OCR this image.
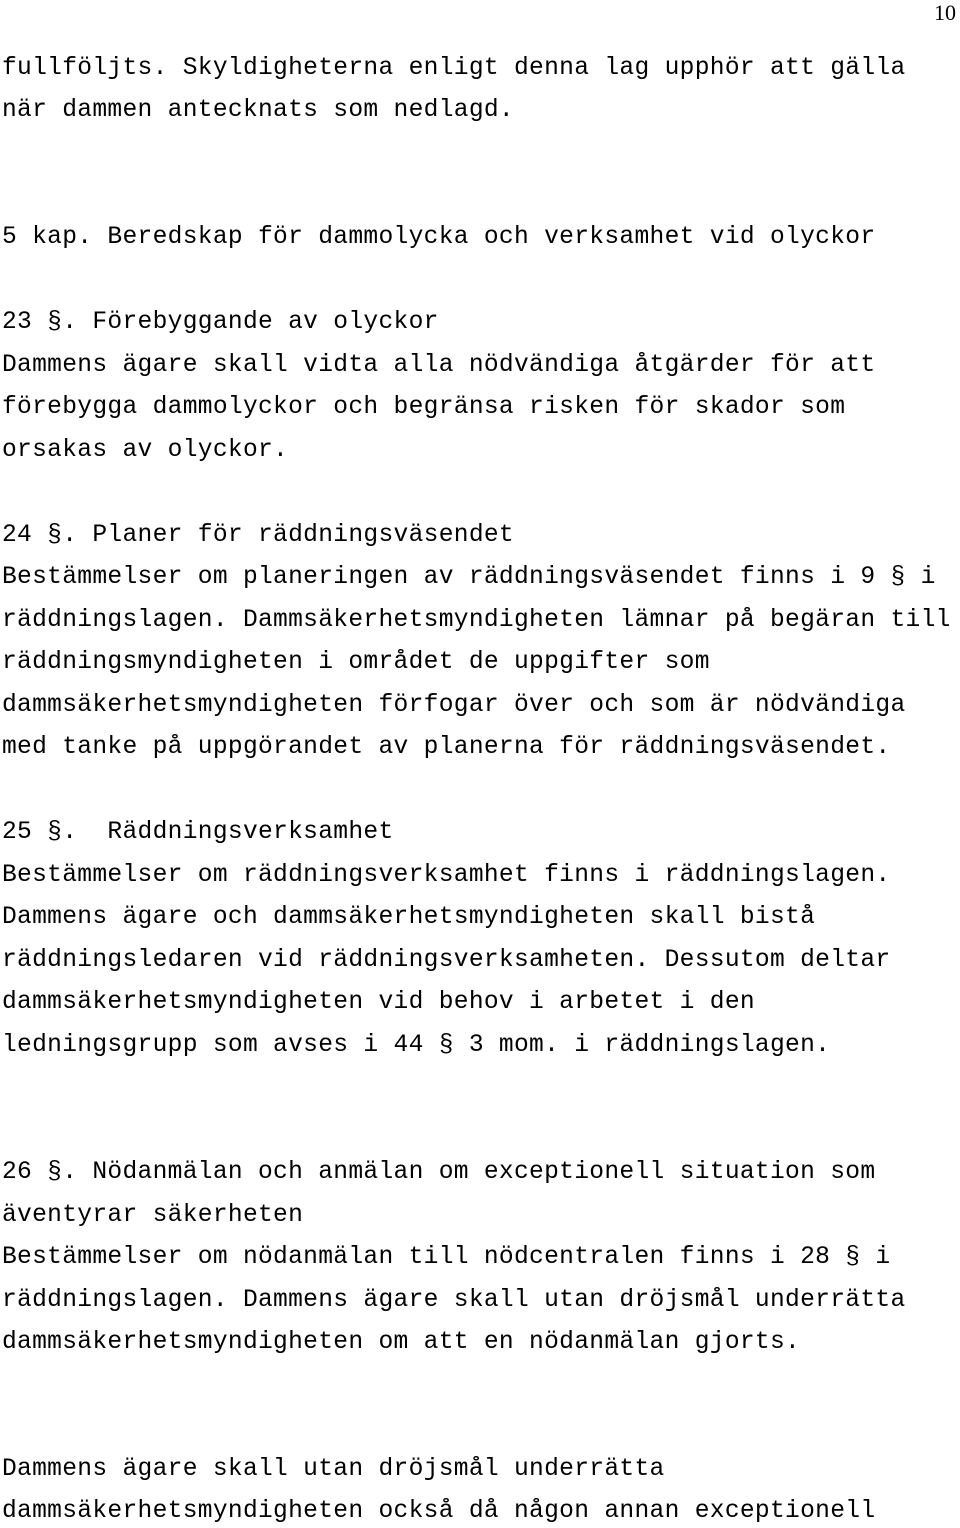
10
fullföljts. Skyldigheterna enligt denna lag upphör att gälla
när dammen antecknats som nedlagd.
5 kap. Beredskap för dammolycka och verksamhet vid olyckor
23 §. Förebyggande av olyckor
Dammens ägare skall vidta alla nödvändiga åtgärder för att
förebygga dammolyckor och begränsa risken för skador som
orsakas av olyckor.
24 §. Planer för räddningsväsendet
Bestämmelser om planeringen av räddningsväsendet finns i 9 § i
räddningslagen. Dammsäkerhetsmyndigheten lämnar på begäran till
räddningsmyndigheten i området de uppgifter som
dammsäkerhetsmyndigheten förfogar över och som är nödvändiga
med tanke på uppgörandet av planerna för räddningsväsendet.
25 §.  Räddningsverksamhet
Bestämmelser om räddningsverksamhet finns i räddningslagen.
Dammens ägare och dammsäkerhetsmyndigheten skall bistå
räddningsledaren vid räddningsverksamheten. Dessutom deltar
dammsäkerhetsmyndigheten vid behov i arbetet i den
ledningsgrupp som avses i 44 § 3 mom. i räddningslagen.
26 §. Nödanmälan och anmälan om exceptionell situation som
äventyrar säkerheten
Bestämmelser om nödanmälan till nödcentralen finns i 28 § i
räddningslagen. Dammens ägare skall utan dröjsmål underrätta
dammsäkerhetsmyndigheten om att en nödanmälan gjorts.
Dammens ägare skall utan dröjsmål underrätta
dammsäkerhetsmyndigheten också då någon annan exceptionell
